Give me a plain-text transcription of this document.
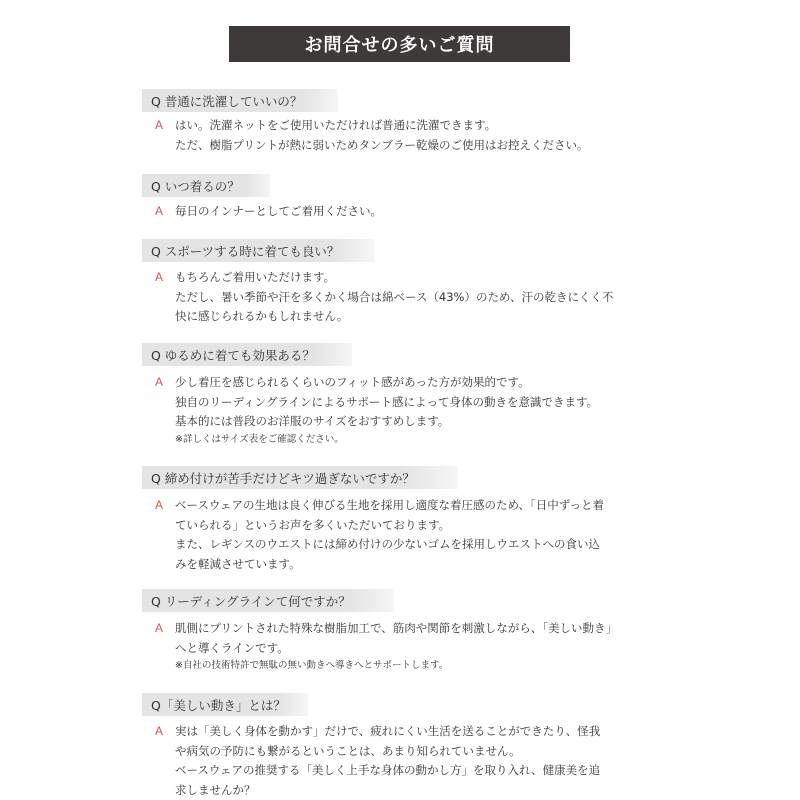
お問合せの多いご質問
Q 普通に洗濯していいの？
A はい。洗濯ネットをご使用いただければ普通に洗濯できます。
ただ、樹脂プリントが熱に弱いためタンブラー乾燥のご使用はお控えください。
Q いつ着るの？
A 毎日のインナーとしてご着用ください。
Q スポーツする時に着ても良い？
A もちろんご着用いただけます。
ただし、暑い季節や汗を多くかく場合は綿ベース（43%）のため、汗の乾きにくく不
快に感じられるかもしれません。
Q ゆるめに着ても効果ある？
A 少し着圧を感じられるくらいのフィット感があった方が効果的です。
独自のリーディングラインによるサポート感によって身体の動きを意識できます。
基本的には普段のお洋服のサイズをおすすめします。
※詳しくはサイズ表をご確認ください。
Q 締め付けが苦手だけどキツ過ぎないですか？
A ベースウェアの生地は良く伸びる生地を採用し適度な着圧感のため、「日中ずっと着
ていられる」というお声を多くいただいております。
また、レギンスのウエストには締め付けの少ないゴムを採用しウエストへの食い込
みを軽減させています。
Q リーディングラインて何ですか？
A 肌側にプリントされた特殊な樹脂加工で、筋肉や関節を刺激しながら、「美しい動き」
へと導くラインです。
※自社の技術特許で無駄の無い動きへ導きへとサポートします。
Q「美しい動き」とは？
A 実は「美しく身体を動かす」だけで、疲れにくい生活を送ることができたり、怪我
や病気の予防にも繋がるということは、あまり知られていません。
ベースウェアの推奨する「美しく上手な身体の動かし方」を取り入れ、健康美を追
求しませんか？
